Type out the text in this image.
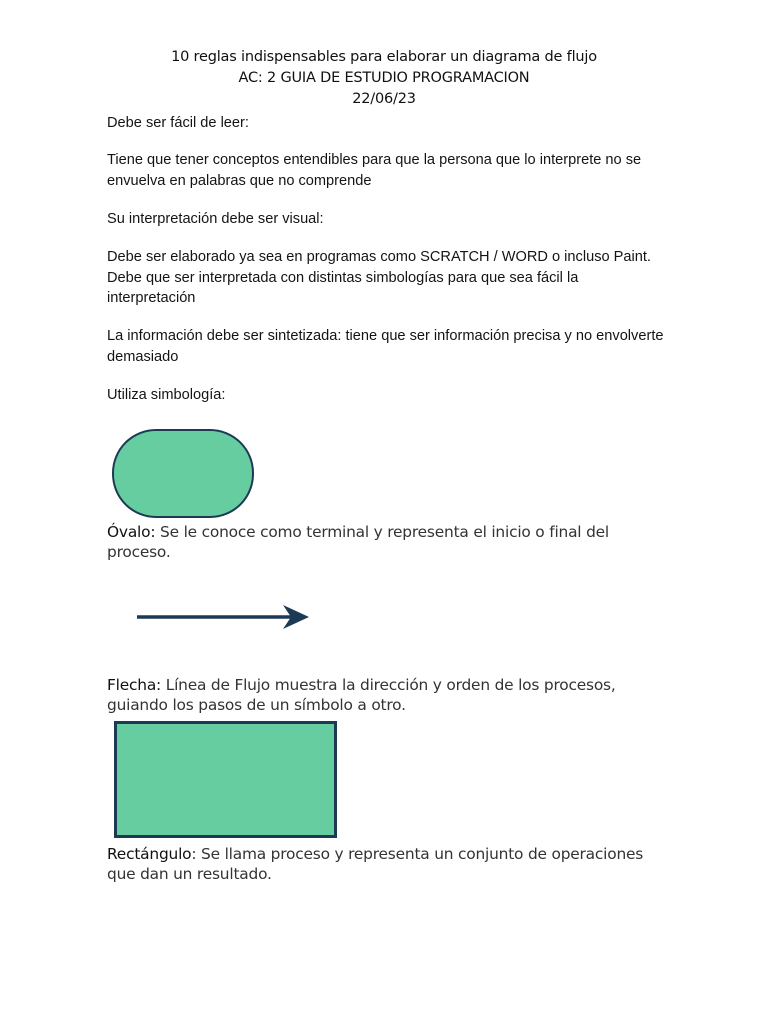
10 reglas indispensables para elaborar un diagrama de flujo
AC: 2 GUIA DE ESTUDIO PROGRAMACION
22/06/23

Debe ser fácil de leer:

Tiene que tener conceptos entendibles para que la persona que lo interprete no se envuelva en palabras que no comprende

Su interpretación debe ser visual:

Debe ser elaborado ya sea en programas como SCRATCH / WORD o incluso Paint. Debe que ser interpretada con distintas simbologías para que sea fácil la interpretación

La información debe ser sintetizada: tiene que ser información precisa y no envolverte demasiado

Utiliza simbología:

Óvalo: Se le conoce como terminal y representa el inicio o final del proceso.

Flecha: Línea de Flujo muestra la dirección y orden de los procesos, guiando los pasos de un símbolo a otro.

Rectángulo: Se llama proceso y representa un conjunto de operaciones que dan un resultado.
